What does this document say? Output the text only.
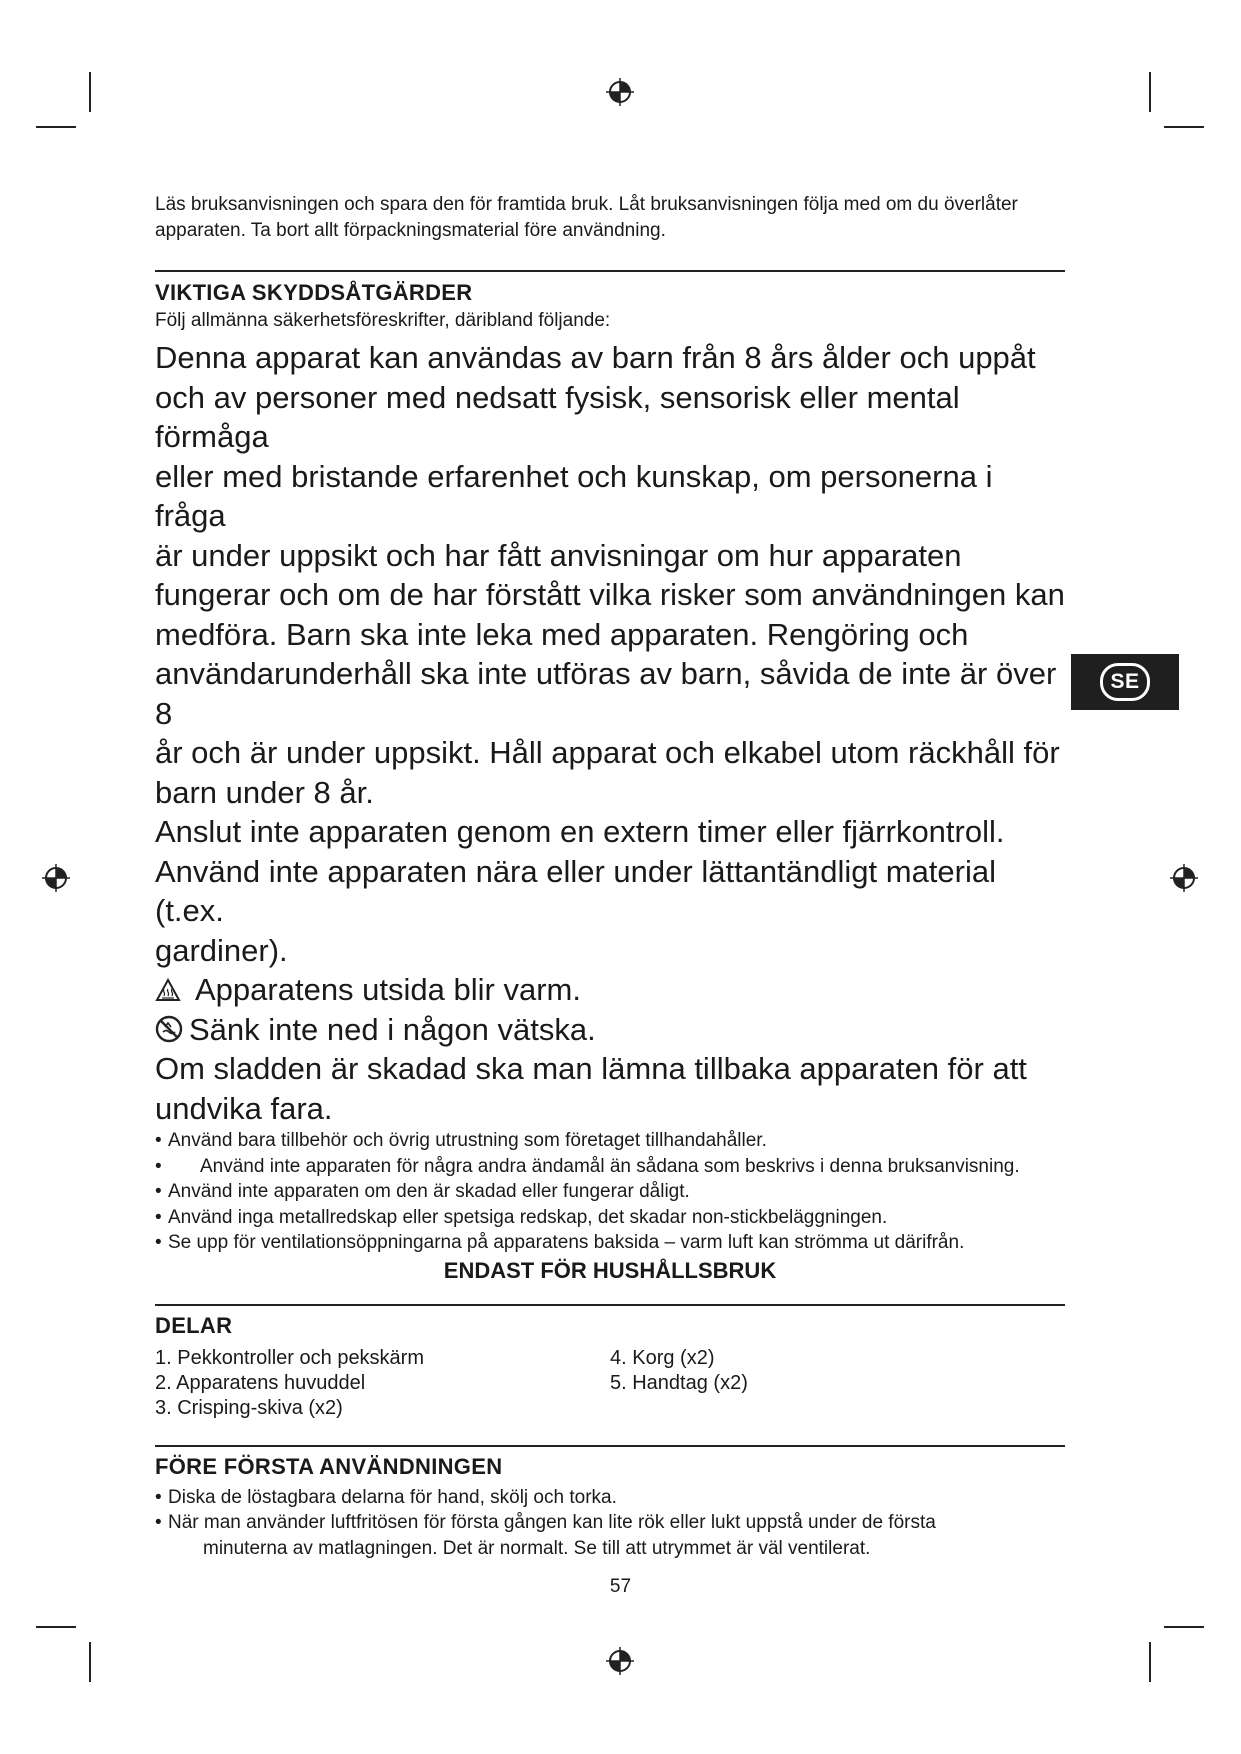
SE

Läs bruksanvisningen och spara den för framtida bruk. Låt bruksanvisningen följa med om du överlåter
apparaten. Ta bort allt förpackningsmaterial före användning.

VIKTIGA SKYDDSÅTGÄRDER

Följ allmänna säkerhetsföreskrifter, däribland följande:

Denna apparat kan användas av barn från 8 års ålder och uppåt

och av personer med nedsatt fysisk, sensorisk eller mental förmåga

eller med bristande erfarenhet och kunskap, om personerna i fråga

är under uppsikt och har fått anvisningar om hur apparaten

fungerar och om de har förstått vilka risker som användningen kan

medföra. Barn ska inte leka med apparaten. Rengöring och

användarunderhåll ska inte utföras av barn, såvida de inte är över 8

år och är under uppsikt. Håll apparat och elkabel utom räckhåll för

barn under 8 år.

Anslut inte apparaten genom en extern timer eller fjärrkontroll.

Använd inte apparaten nära eller under lättantändligt material (t.ex.

gardiner).

Apparatens utsida blir varm.

Sänk inte ned i någon vätska.

Om sladden är skadad ska man lämna tillbaka apparaten för att

undvika fara.

• Använd bara tillbehör och övrig utrustning som företaget tillhandahåller.
• Använd inte apparaten för några andra ändamål än sådana som beskrivs i denna bruksanvisning.
• Använd inte apparaten om den är skadad eller fungerar dåligt.
• Använd inga metallredskap eller spetsiga redskap, det skadar non-stickbeläggningen.
• Se upp för ventilationsöppningarna på apparatens baksida – varm luft kan strömma ut därifrån.

ENDAST FÖR HUSHÅLLSBRUK

DELAR

1. Pekkontroller och pekskärm
2. Apparatens huvuddel
3. Crisping-skiva (x2)
4. Korg (x2)
5. Handtag (x2)

FÖRE FÖRSTA ANVÄNDNINGEN

• Diska de löstagbara delarna för hand, skölj och torka.
• När man använder luftfritösen för första gången kan lite rök eller lukt uppstå under de första
minuterna av matlagningen. Det är normalt. Se till att utrymmet är väl ventilerat.
57
